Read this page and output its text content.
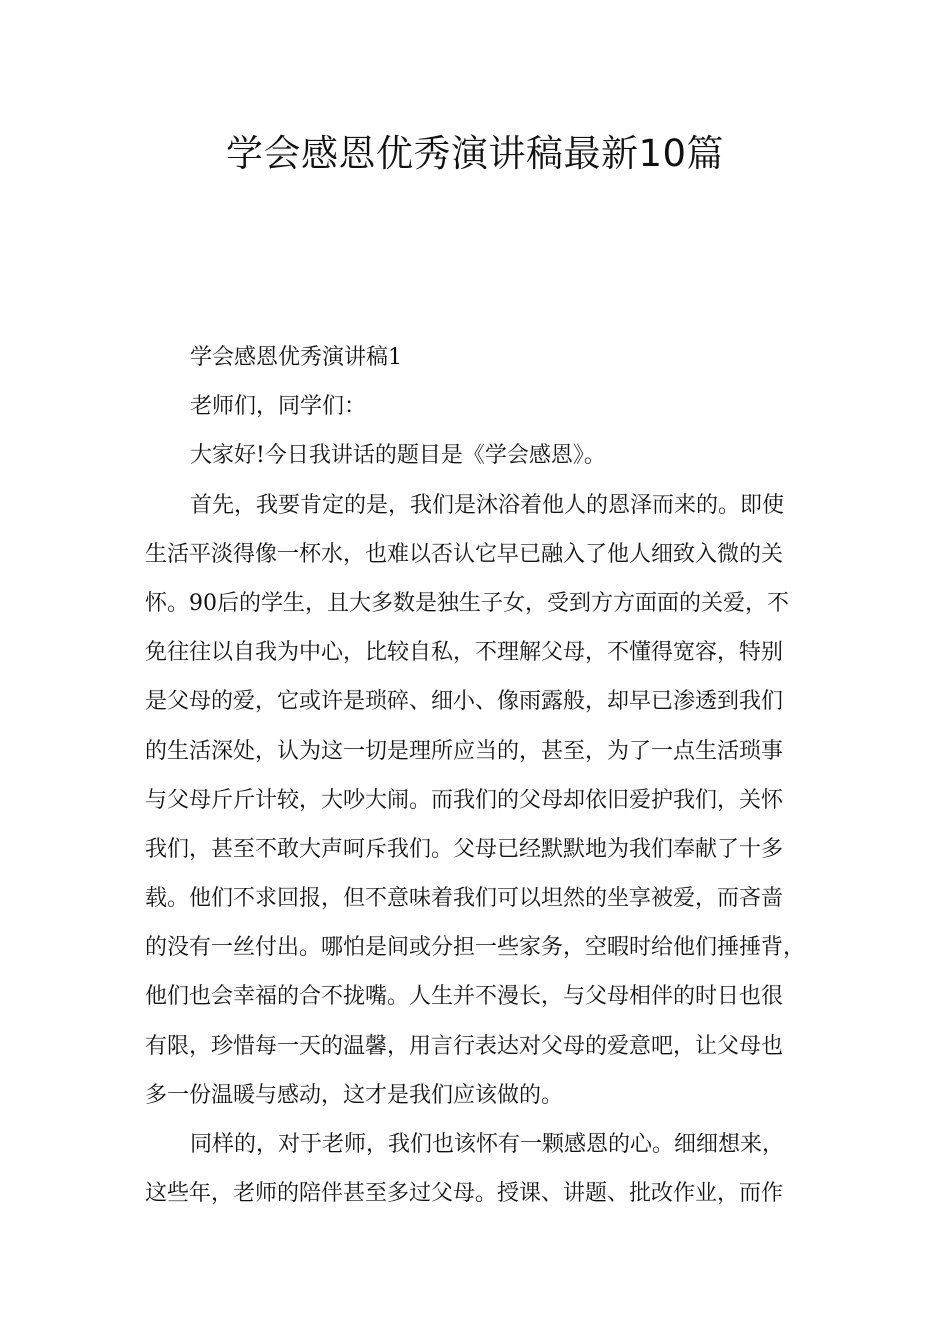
学会感恩优秀演讲稿最新10篇
学会感恩优秀演讲稿1
老师们，同学们：
大家好!今日我讲话的题目是《学会感恩》。
首先，我要肯定的是，我们是沐浴着他人的恩泽而来的。即使
生活平淡得像一杯水，也难以否认它早已融入了他人细致入微的关
怀。90后的学生，且大多数是独生子女，受到方方面面的关爱，不
免往往以自我为中心，比较自私，不理解父母，不懂得宽容，特别
是父母的爱，它或许是琐碎、细小、像雨露般，却早已渗透到我们
的生活深处，认为这一切是理所应当的，甚至，为了一点生活琐事
与父母斤斤计较，大吵大闹。而我们的父母却依旧爱护我们，关怀
我们，甚至不敢大声呵斥我们。父母已经默默地为我们奉献了十多
载。他们不求回报，但不意味着我们可以坦然的坐享被爱，而吝啬
的没有一丝付出。哪怕是间或分担一些家务，空暇时给他们捶捶背，
他们也会幸福的合不拢嘴。人生并不漫长，与父母相伴的时日也很
有限，珍惜每一天的温馨，用言行表达对父母的爱意吧，让父母也
多一份温暖与感动，这才是我们应该做的。
同样的，对于老师，我们也该怀有一颗感恩的心。细细想来，
这些年，老师的陪伴甚至多过父母。授课、讲题、批改作业，而作
